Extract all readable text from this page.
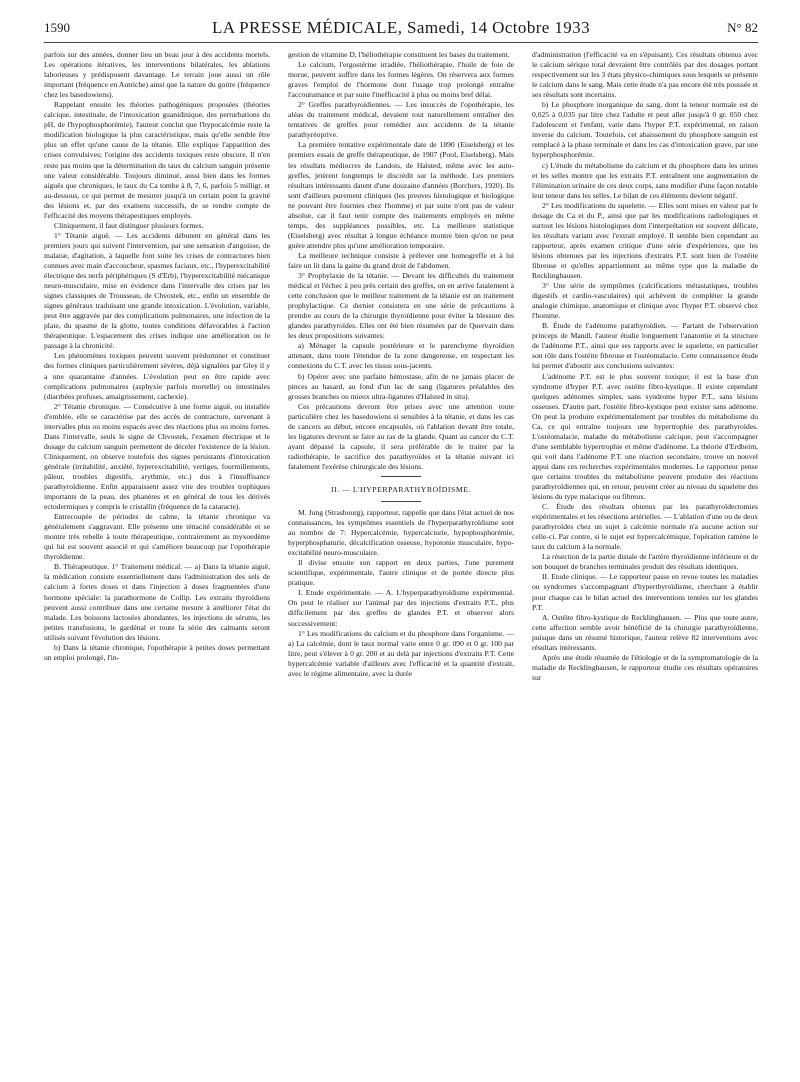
1590	LA PRESSE MÉDICALE, Samedi, 14 Octobre 1933	N° 82

parfois sur des années, donner lieu un beau jour à des accidents mortels. Les opérations itératives, les interventions bilatérales, les ablations laborieuses y prédisposent davantage. Le terrain joue aussi un rôle important (fréquence en Autriche) ainsi que la nature du goitre (fréquence chez les basedowiens).

Rappelant ensuite les théories pathogéniques proposées (théories calcique, intestinale, de l'intoxication guanidinique, des perturbations du pH, de l'hypophosphorémie), l'auteur conclut que l'hypocalcémie reste la modification biologique la plus caractéristique, mais qu'elle semble être plus un effet qu'une cause de la tétanie. Elle explique l'apparition des crises convulsives; l'origine des accidents toxiques reste obscure. Il n'en reste pas moins que la détermination du taux du calcium sanguin présente une valeur considérable. Toujours diminué, aussi bien dans les formes aiguës que chroniques, le taux du Ca tombe à 8, 7, 6, parfois 5 milligr. et au-dessous, ce qui permet de mesurer jusqu'à un certain point la gravité des lésions et, par des examens successifs, de se rendre compte de l'efficacité des moyens thérapeutiques employés.

Cliniquement, il faut distinguer plusieurs formes.

1° Tétanie aiguë. — Les accidents débutent en général dans les premiers jours qui suivent l'intervention, par une sensation d'angoisse, de malaise, d'agitation, à laquelle font suite les crises de contractures bien connues avec main d'accoucheur, spasmes faciaux, etc., l'hyperexcitabilité électrique des nerfs périphériques (S d'Erb), l'hyperexcitabilité mécanique neuro-musculaire, mise en évidence dans l'intervalle des crises par les signes classiques de Trousseau, de Chvostek, etc., enfin un ensemble de signes généraux traduisant une grande intoxication. L'évolution, variable, peut être aggravée par des complications pulmonaires, une infection de la plaie, du spasme de la glotte, toutes conditions défavorables à l'action thérapeutique. L'espacement des crises indique une amélioration ou le passage à la chronicité.

Les phénomènes toxiques peuvent souvent prédominer et constituer des formes cliniques particulièrement sévères, déjà signalées par Gley il y a une quarantaine d'années. L'évolution peut en être rapide avec complications pulmonaires (asphyxie parfois mortelle) ou intestinales (diarrhées profuses, amaigrissement, cachexie).

2° Tétanie chronique. — Consécutive à une forme aiguë, ou installée d'emblée, elle se caractérise par des accès de contracture, survenant à intervalles plus ou moins espacés avec des réactions plus ou moins fortes. Dans l'intervalle, seuls le signe de Chvostek, l'examen électrique et le dosage du calcium sanguin permettent de déceler l'existence de la lésion. Cliniquement, on observe toutefois des signes persistants d'intoxication générale (irritabilité, anxiété, hyperexcitabilité, vertiges, fourmillements, pâleur, troubles digestifs, arythmie, etc.) dus à l'insuffisance parathyroïdienne. Enfin apparaissent assez vite des troubles trophiques importants de la peau, des phanères et en général de tous les dérivés ectodermiques y compris le cristallin (fréquence de la cataracte).

Entrecoupée de périodes de calme, la tétanie chronique va généralement s'aggravant. Elle présente une ténacité considérable et se montre très rebelle à toute thérapeutique, contrairement au myxoedème qui lui est souvent associé et qui s'améliore beaucoup par l'opothérapie thyroïdienne.

B. Thérapeutique. 1° Traitement médical. — a) Dans la tétanie aiguë, la médication consiste essentiellement dans l'administration des sels de calcium à fortes doses et dans l'injection à doses fragmentées d'une hormone spéciale: la parathormone de Collip. Les extraits thyroïdiens peuvent aussi contribuer dans une certaine mesure à améliorer l'état du malade. Les boissons lactosées abondantes, les injections de sérums, les petites transfusions, le gardénal et toute la série des calmants seront utilisés suivant l'évolution des lésions.

b) Dans la tétanie chronique, l'opothérapie à petites doses permettant un emploi prolongé, l'in-

gestion de vitamine D, l'héliothérapie constituent les bases du traitement.

Le calcium, l'ergostérine irradiée, l'héliothérapie, l'huile de foie de morue, peuvent suffire dans les formes légères. On réservera aux formes graves l'emploi de l'hormone dont l'usage trop prolongé entraîne l'accoutumance et par suite l'inefficacité à plus ou moins bref délai.

2° Greffes parathyroïdiennes. — Les insuccès de l'opothérapie, les aléas du traitement médical, devaient tout naturellement entraîner des tentatives de greffes pour remédier aux accidents de la tétanie parathyréoprive.

La première tentative expérimentale date de 1890 (Eiselsberg) et les premiers essais de greffe thérapeutique, de 1907 (Pool, Eiselsberg). Mais les résultats médiocres de Landois, de Halsted, même avec les auto-greffes, jetèrent longtemps le discrédit sur la méthode. Les premiers résultats intéressants datent d'une douzaine d'années (Borchers, 1920). Ils sont d'ailleurs purement cliniques (les preuves histologique et biologique ne pouvant être fournies chez l'homme) et par suite n'ont pas de valeur absolue, car il faut tenir compte des traitements employés en même temps, des suppléances possibles, etc. La meilleure statistique (Eiselsberg) avec résultat à longue échéance montre bien qu'on ne peut guère attendre plus qu'une amélioration temporaire.

La meilleure technique consiste à prélever une homogreffe et à lui faire un lit dans la gaine du grand droit de l'abdomen.

3° Prophylaxie de la tétanie. — Devant les difficultés du traitement médical et l'échec à peu près certain des greffes, on en arrive fatalement à cette conclusion que le meilleur traitement de la tétanie est un traitement prophylactique. Ce dernier consistera en une série de précautions à prendre au cours de la chirurgie thyroïdienne pour éviter la blessure des glandes parathyroïdes. Elles ont été bien résumées par de Quervain dans les deux propositions suivantes:

a) Ménager la capsule postérieure et le parenchyme thyroïdien attenant, dans toute l'étendue de la zone dangereuse, en respectant les connexions du C.T. avec les tissus sous-jacents.

b) Opérer avec une parfaite hémostase, afin de ne jamais placer de pinces au hasard, au fond d'un lac de sang (ligatures préalables des grosses branches ou mieux ultra-ligatures d'Halsted in situ).

Ces précautions devront être prises avec une attention toute particulière chez les basedowiens si sensibles à la tétanie, et dans les cas de cancers au début, encore encapsulés, où l'ablation devant être totale, les ligatures devront se faire au ras de la glande. Quant au cancer du C.T. ayant dépassé la capsule, il sera préférable de le traiter par la radiothérapie, le sacrifice des parathyroïdes et la tétanie suivant ici fatalement l'exérèse chirurgicale des lésions.

II. — L'HYPERPARATHYROÏDISME.

M. Jung (Strasbourg), rapporteur, rappelle que dans l'état actuel de nos connaissances, les symptômes essentiels de l'hyperparathyroïdisme sont au nombre de 7: Hypercalcémie, hypercalciurie, hypophosphorémie, hyperphosphaturie, décalcification osseuse, hypotonie musculaire, hypo-excitabilité neuro-musculaire.

Il divise ensuite son rapport en deux parties, l'une purement scientifique, expérimentale, l'autre clinique et de portée directe plus pratique.

I. Etude expérimentale. — A. L'hyperparathyroïdisme expérimental. On peut le réaliser sur l'animal par des injections d'extraits P.T., plus difficilement par des greffes de glandes P.T. et observer alors successivement:

1° Les modifications du calcium et du phosphore dans l'organisme. — a) La calcémie, dont le taux normal varie entre 0 gr. 090 et 0 gr. 100 par litre, peut s'élever à 0 gr. 200 et au delà par injections d'extraits P.T. Cette hypercalcémie variable d'ailleurs avec l'efficacité et la quantité d'extrait, avec le régime alimentaire, avec la durée

d'administration (l'efficacité va en s'épuisant). Ces résultats obtenus avec le calcium sérique total devraient être contrôlés par des dosages portant respectivement sur les 3 états physico-chimiques sous lesquels se présente le calcium dans le sang. Mais cette étude n'a pas encore été très poussée et ses résultats sont incertains.

b) Le phosphore inorganique du sang, dont la teneur normale est de 0,025 à 0,035 par litre chez l'adulte et peut aller jusqu'à 0 gr. 050 chez l'adolescent et l'enfant, varie dans l'hyper P.T. expérimental, en raison inverse du calcium. Toutefois, cet abaissement du phosphore sanguin est remplacé à la phase terminale et dans les cas d'intoxication grave, par une hyperphosphorémie.

c) L'étude du métabolisme du calcium et du phosphore dans les urines et les selles montre que les extraits P.T. entraînent une augmentation de l'élimination urinaire de ces deux corps, sans modifier d'une façon notable leur teneur dans les selles. Le bilan de ces éléments devient négatif.

2° Les modifications du squelette. — Elles sont mises en valeur par le dosage du Ca et du P., ainsi que par les modifications radiologiques et surtout les lésions histologiques dont l'interprétation est souvent délicate, les résultats variant avec l'extrait employé. Il semble bien cependant au rapporteur, après examen critique d'une série d'expériences, que les lésions obtenues par les injections d'extraits P.T. sont bien de l'ostéite fibreuse et qu'elles appartiennent au même type que la maladie de Recklinghausen.

3° Une série de symptômes (calcifications métastatiques, troubles digestifs et cardio-vasculaires) qui achèvent de compléter la grande analogie chimique, anatomique et clinique avec l'hyper P.T. observé chez l'homme.

B. Étude de l'adénome parathyroïdien. — Partant de l'observation princeps de Mandl, l'auteur étudie longuement l'anatomie et la structure de l'adénome P.T., ainsi que ses rapports avec le squelette, en particulier son rôle dans l'ostéite fibreuse et l'ostéomalacie. Cette connaissence étude lui permet d'aboutir aux conclusions suivantes:

L'adénome P.T. est le plus souvent toxique; il est la base d'un syndrome d'hyper P.T. avec ostéite fibro-kystique. Il existe cependant quelques adénomes simples, sans syndrome hyper P.T., sans lésions osseuses. D'autre part, l'ostéite fibro-kystique peut exister sans adénome. On peut la produire expérimentalement par troubles du métabolisme du Ca, ce qui entraîne toujours une hypertrophie des parathyroïdes. L'ostéomalacie, maladie du métabolisme calcique, peut s'accompagner d'une semblable hypertrophie et même d'adénome. La théorie d'Erdheim, qui voit dans l'adénome P.T. une réaction secondaire, trouve un nouvel appui dans ces recherches expérimentales modernes. Le rapporteur pense que certains troubles du métabolisme peuvent produire des réactions parathyroïdiennes qui, en retour, peuvent créer au niveau du squelette des lésions du type malacique ou fibreux.

C. Étude des résultats obtenus par les parathyroïdectomies expérimentales et les résections artérielles. — L'ablation d'une ou de deux parathyroïdes chez un sujet à calcémie normale n'a aucune action sur celle-ci. Par contre, si le sujet est hypercalcémique, l'opération ramène le taux du calcium à la normale.

La résection de la partie distale de l'artère thyroïdienne inférieure et de son bouquet de branches terminales produit des résultats identiques.

II. Etude clinique. — Le rapporteur passe en revue toutes les maladies ou syndromes s'accompagnant d'hyperthyroïdisme, cherchant à établir pour chaque cas le bilan actuel des interventions tentées sur les glandes P.T.

A. Ostéite fibro-kystique de Recklinghausen. — Plus que toute autre, cette affection semble avoir bénéficié de la chirurgie parathyroïdienne, puisque dans un résumé historique, l'auteur relève 82 interventions avec résultats intéressants.

Après une étude résumée de l'étiologie et de la symptomatologie de la maladie de Recklinghausen, le rapporteur étudie ces résultats opératoires sur
